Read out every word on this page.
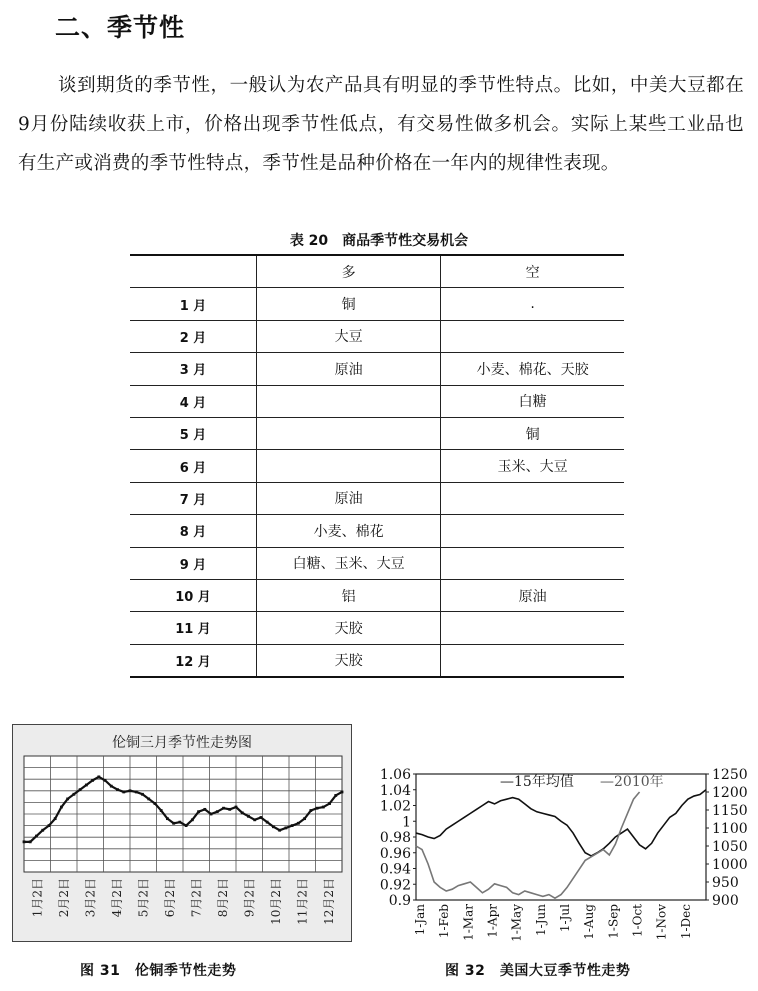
二、季节性
谈到期货的季节性，一般认为农产品具有明显的季节性特点。比如，中美大豆都在9月份陆续收获上市，价格出现季节性低点，有交易性做多机会。实际上某些工业品也有生产或消费的季节性特点，季节性是品种价格在一年内的规律性表现。
表 20　商品季节性交易机会
	多	空
1 月	铜	.
2 月	大豆	
3 月	原油	小麦、棉花、天胶
4 月		白糖
5 月		铜
6 月		玉米、大豆
7 月	原油	
8 月	小麦、棉花	
9 月	白糖、玉米、大豆	
10 月	铝	原油
11 月	天胶	
12 月	天胶	
伦铜三月季节性走势图
1月2日 2月2日 3月2日 4月2日 5月2日 6月2日 7月2日 8月2日 9月2日 10月2日 11月2日 12月2日
1.06
1.04
1.02
1
0.98
0.96
0.94
0.92
0.9
1250
1200
1150
1100
1050
1000
950
900
1-Jan 1-Feb 1-Mar 1-Apr 1-May 1-Jun 1-Jul 1-Aug 1-Sep 1-Oct 1-Nov 1-Dec
—15年均值 —2010年
图 31　伦铜季节性走势	图 32　美国大豆季节性走势
